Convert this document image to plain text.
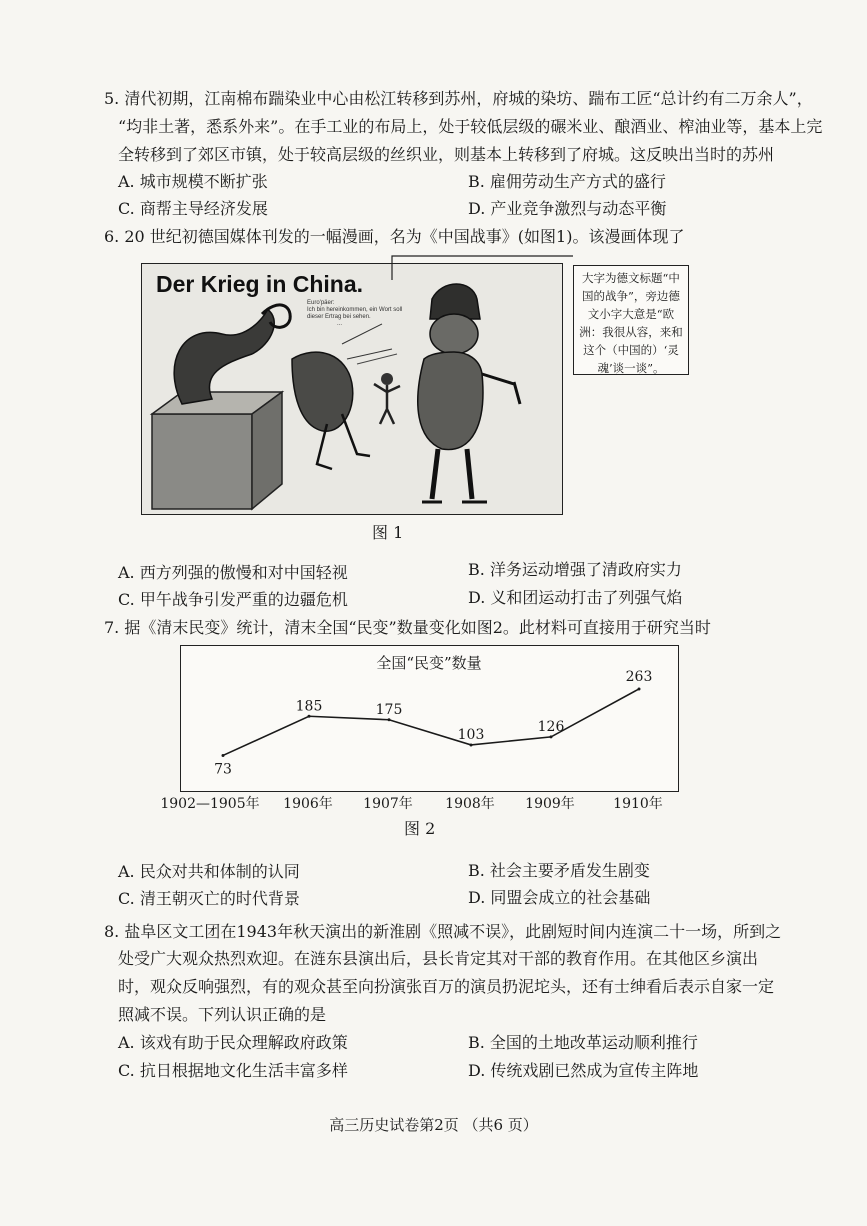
5. 清代初期，江南棉布踹染业中心由松江转移到苏州，府城的染坊、踹布工匠“总计约有二万余人”，
“均非土著，悉系外来”。在手工业的布局上，处于较低层级的碾米业、酿酒业、榨油业等，基本上完
全转移到了郊区市镇，处于较高层级的丝织业，则基本上转移到了府城。这反映出当时的苏州
A. 城市规模不断扩张	B. 雇佣劳动生产方式的盛行
C. 商帮主导经济发展	D. 产业竞争激烈与动态平衡
6. 20 世纪初德国媒体刊发的一幅漫画，名为《中国战事》(如图1)。该漫画体现了
Der Krieg in China.
Euro'päer:
Ich bin hereinkommen, ein Wort soll
dieser Ertrag bei sehen.
...
大字为德文标题“中国的战争”，旁边德文小字大意是“欧洲：我很从容，来和这个（中国的）‘灵魂’谈一谈”。
图 1
A. 西方列强的傲慢和对中国轻视	B. 洋务运动增强了清政府实力
C. 甲午战争引发严重的边疆危机	D. 义和团运动打击了列强气焰
7. 据《清末民变》统计，清末全国“民变”数量变化如图2。此材料可直接用于研究当时
全国“民变”数量
73
185	175
103
126
263
1902—1905年 1906年 1907年 1908年 1909年	1910年
图 2
A. 民众对共和体制的认同	B. 社会主要矛盾发生剧变
C. 清王朝灭亡的时代背景	D. 同盟会成立的社会基础
8. 盐阜区文工团在1943年秋天演出的新淮剧《照减不误》，此剧短时间内连演二十一场，所到之
处受广大观众热烈欢迎。在涟东县演出后，县长肯定其对干部的教育作用。在其他区乡演出
时，观众反响强烈，有的观众甚至向扮演张百万的演员扔泥坨头，还有士绅看后表示自家一定
照减不误。下列认识正确的是
A. 该戏有助于民众理解政府政策	B. 全国的土地改革运动顺利推行
C. 抗日根据地文化生活丰富多样	D. 传统戏剧已然成为宣传主阵地
高三历史试卷第2页 （共6 页）
